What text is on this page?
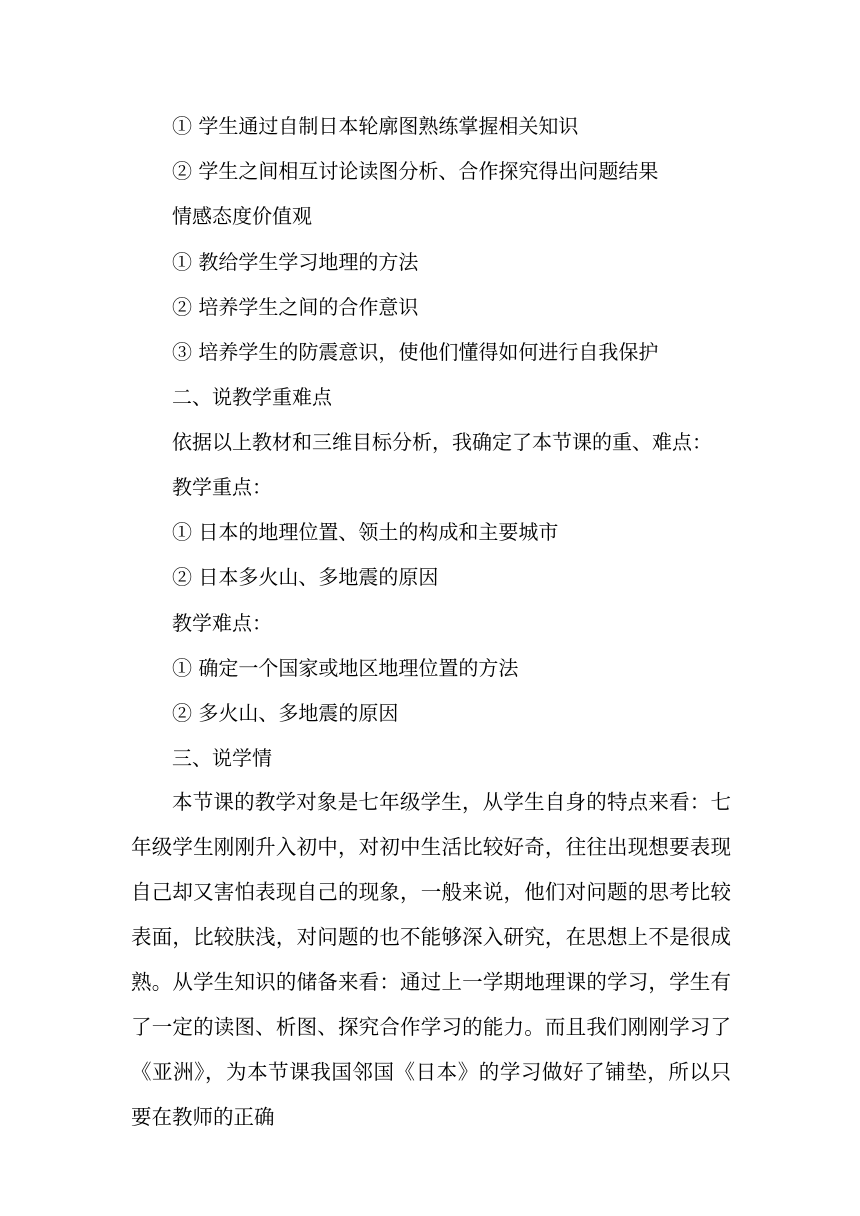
① 学生通过自制日本轮廓图熟练掌握相关知识
② 学生之间相互讨论读图分析、合作探究得出问题结果
情感态度价值观
① 教给学生学习地理的方法
② 培养学生之间的合作意识
③ 培养学生的防震意识，使他们懂得如何进行自我保护
二、说教学重难点
依据以上教材和三维目标分析，我确定了本节课的重、难点：
教学重点：
① 日本的地理位置、领土的构成和主要城市
② 日本多火山、多地震的原因
教学难点：
① 确定一个国家或地区地理位置的方法
② 多火山、多地震的原因
三、说学情
本节课的教学对象是七年级学生，从学生自身的特点来看：七年级学生刚刚升入初中，对初中生活比较好奇，往往出现想要表现自己却又害怕表现自己的现象，一般来说，他们对问题的思考比较表面，比较肤浅，对问题的也不能够深入研究，在思想上不是很成熟。从学生知识的储备来看：通过上一学期地理课的学习，学生有了一定的读图、析图、探究合作学习的能力。而且我们刚刚学习了《亚洲》，为本节课我国邻国《日本》的学习做好了铺垫，所以只要在教师的正确
